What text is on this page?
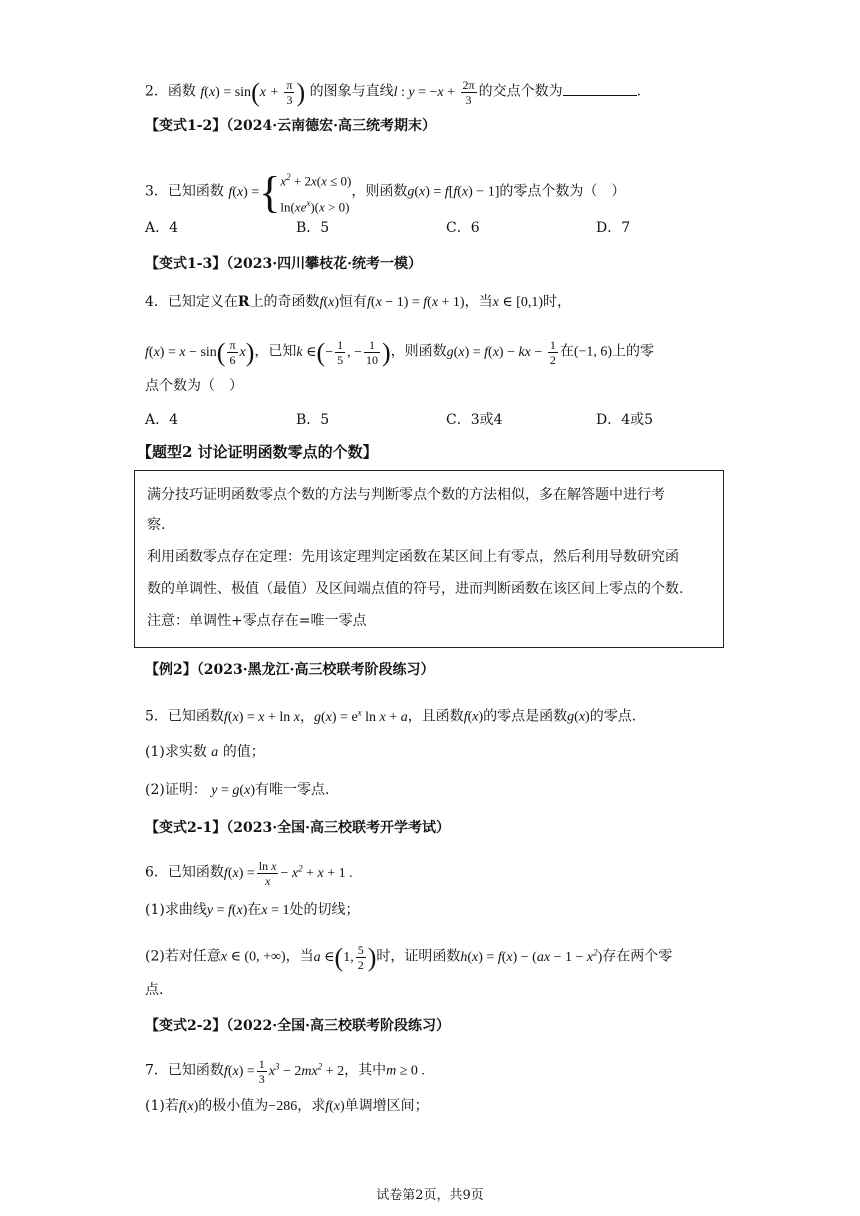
2．函数 $f(x) = \sin(x + \frac{\pi}{3}$ ) 的图象与直线l : $y = -x + \frac{2\pi}{3}$ 的交点个数为	.
【变式1-2】（2024·云南德宏·高三统考期末）
3．已知函数 f(x) ={ $x^2 + 2x(x \le 0)$
$\ln(xe^x)(x > 0)$
，则函数g(x) = f[f(x) − 1]的零点个数为（　）
A．4	B．5	C．6	D．7
【变式1-3】（2023·四川攀枝花·统考一模）
4．已知定义在R上的奇函数f(x)恒有f(x − 1) = f(x + 1)，当x ∈ [0,1)时，
$f(x) = x - \sin( \frac{\pi}{6} x)$，已知k ∈(− $\frac{1}{5}$ , − $\frac{1}{10}$ )，则函数g(x) = f(x) − kx − $\frac{1}{2}$ 在(−1, 6)上的零
点个数为（　）
A．4	B．5	C．3或4	D．4或5
【题型2 讨论证明函数零点的个数】
满分技巧证明函数零点个数的方法与判断零点个数的方法相似，多在解答题中进行考
察.
利用函数零点存在定理：先用该定理判定函数在某区间上有零点，然后利用导数研究函
数的单调性、极值（最值）及区间端点值的符号，进而判断函数在该区间上零点的个数.
注意：单调性+零点存在=唯一零点
【例2】（2023·黑龙江·高三校联考阶段练习）
5．已知函数f(x) = x + ln x，$g(x) = e^x$ ln x + a，且函数f(x)的零点是函数g(x)的零点.
(1)求实数 a 的值；
(2)证明： y = g(x)有唯一零点.
【变式2-1】（2023·全国·高三校联考开学考试）
6．已知函数$f(x) = \frac{\text{ln x}}{x} - x^2 + x + 1$ .
(1)求曲线y = f(x)在x = 1处的切线；
(2)若对任意x ∈ (0, +∞)，当a ∈(1, $\frac{5}{2}$ )时，证明函数$h(x) = f(x) - (ax - 1 - x^2)$存在两个零
点.
【变式2-2】（2022·全国·高三校联考阶段练习）
7．已知函数$f(x) = \frac{1}{3} x^3 - 2mx^2 + 2$，其中m ≥ 0 .
(1)若f(x)的极小值为−286，求f(x)单调增区间；
试卷第2页，共9页
